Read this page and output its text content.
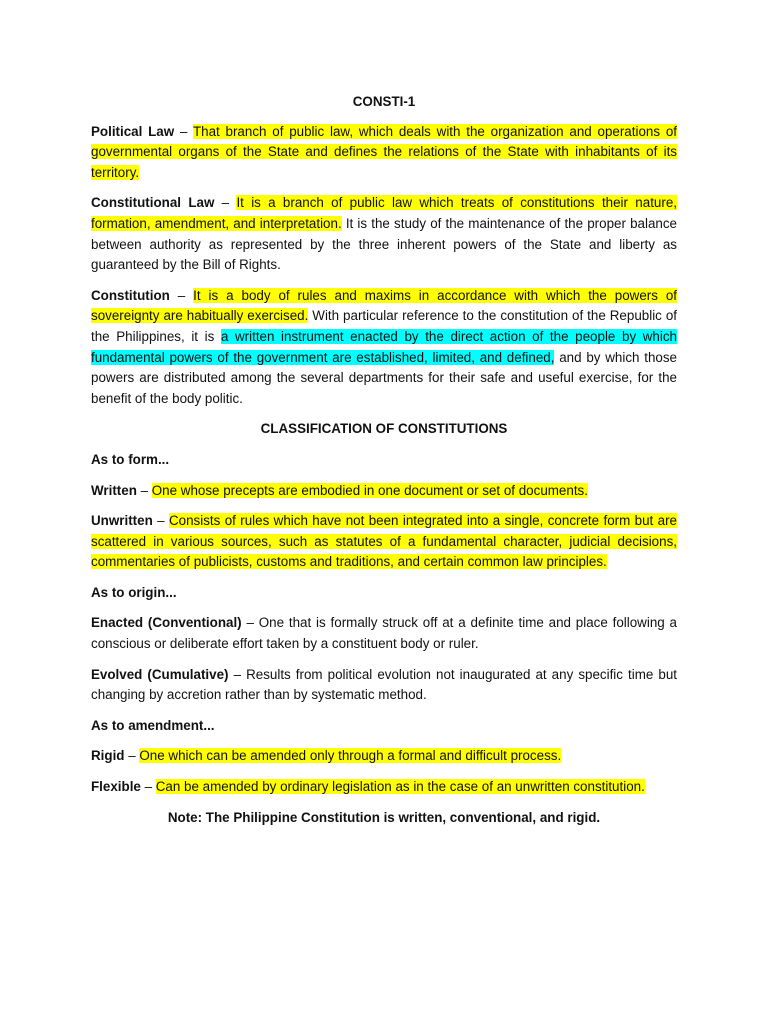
CONSTI-1

Political Law – That branch of public law, which deals with the organization and operations of governmental organs of the State and defines the relations of the State with inhabitants of its territory.

Constitutional Law – It is a branch of public law which treats of constitutions their nature, formation, amendment, and interpretation. It is the study of the maintenance of the proper balance between authority as represented by the three inherent powers of the State and liberty as guaranteed by the Bill of Rights.

Constitution – It is a body of rules and maxims in accordance with which the powers of sovereignty are habitually exercised. With particular reference to the constitution of the Republic of the Philippines, it is a written instrument enacted by the direct action of the people by which fundamental powers of the government are established, limited, and defined, and by which those powers are distributed among the several departments for their safe and useful exercise, for the benefit of the body politic.

CLASSIFICATION OF CONSTITUTIONS
As to form...

Written – One whose precepts are embodied in one document or set of documents.

Unwritten – Consists of rules which have not been integrated into a single, concrete form but are scattered in various sources, such as statutes of a fundamental character, judicial decisions, commentaries of publicists, customs and traditions, and certain common law principles.

As to origin...

Enacted (Conventional) – One that is formally struck off at a definite time and place following a conscious or deliberate effort taken by a constituent body or ruler.

Evolved (Cumulative) – Results from political evolution not inaugurated at any specific time but changing by accretion rather than by systematic method.

As to amendment...

Rigid – One which can be amended only through a formal and difficult process.

Flexible – Can be amended by ordinary legislation as in the case of an unwritten constitution.

Note: The Philippine Constitution is written, conventional, and rigid.
